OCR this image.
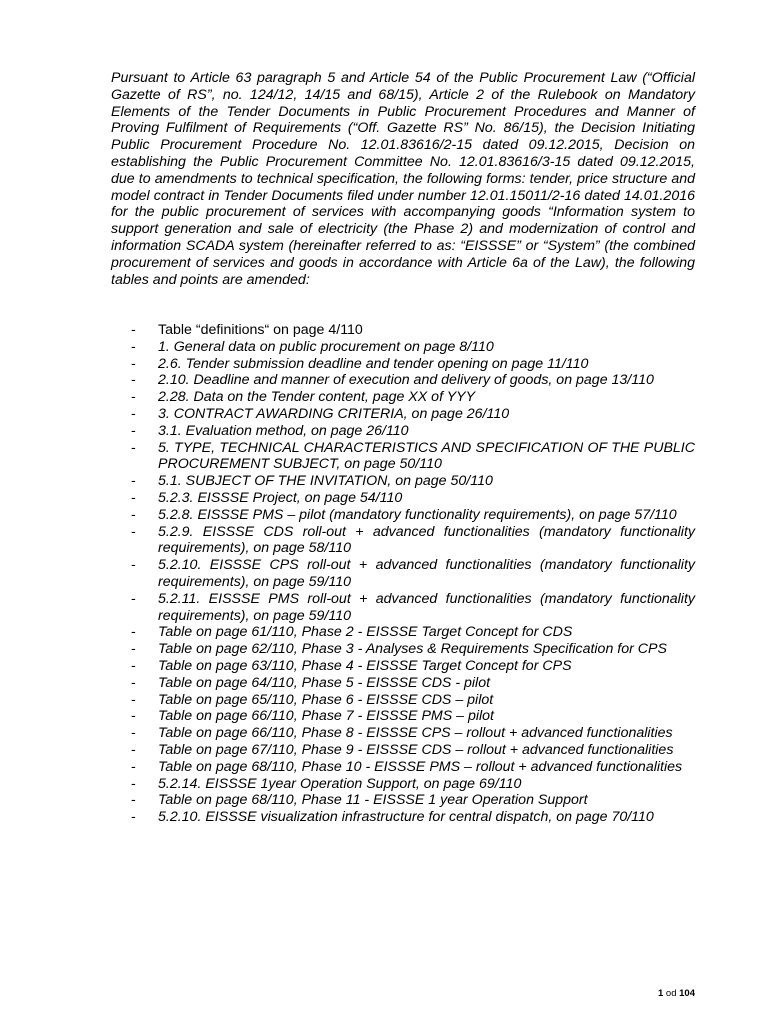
Pursuant to Article 63 paragraph 5 and Article 54 of the Public Procurement Law (“Official Gazette of RS”, no. 124/12, 14/15 and 68/15), Article 2 of the Rulebook on Mandatory Elements of the Tender Documents in Public Procurement Procedures and Manner of Proving Fulfilment of Requirements (“Off. Gazette RS” No. 86/15), the Decision Initiating Public Procurement Procedure No. 12.01.83616/2-15 dated 09.12.2015, Decision on establishing the Public Procurement Committee No. 12.01.83616/3-15 dated 09.12.2015, due to amendments to technical specification, the following forms: tender, price structure and model contract in Tender Documents filed under number 12.01.15011/2-16 dated 14.01.2016 for the public procurement of services with accompanying goods “Information system to support generation and sale of electricity (the Phase 2) and modernization of control and information SCADA system (hereinafter referred to as: “EISSSE” or “System” (the combined procurement of services and goods in accordance with Article 6a of the Law), the following tables and points are amended:

- Table “definitions“ on page 4/110
- 1. General data on public procurement on page 8/110
- 2.6. Tender submission deadline and tender opening on page 11/110
- 2.10. Deadline and manner of execution and delivery of goods, on page 13/110
- 2.28. Data on the Tender content, page XX of YYY
- 3. CONTRACT AWARDING CRITERIA, on page 26/110
- 3.1. Evaluation method, on page 26/110
- 5. TYPE, TECHNICAL CHARACTERISTICS AND SPECIFICATION OF THE PUBLIC PROCUREMENT SUBJECT, on page 50/110
- 5.1. SUBJECT OF THE INVITATION, on page 50/110
- 5.2.3. EISSSE Project, on page 54/110
- 5.2.8. EISSSE PMS – pilot (mandatory functionality requirements), on page 57/110
- 5.2.9. EISSSE CDS roll-out + advanced functionalities (mandatory functionality requirements), on page 58/110
- 5.2.10. EISSSE CPS roll-out + advanced functionalities (mandatory functionality requirements), on page 59/110
- 5.2.11. EISSSE PMS roll-out + advanced functionalities (mandatory functionality requirements), on page 59/110
- Table on page 61/110, Phase 2 - EISSSE Target Concept for CDS
- Table on page 62/110, Phase 3 - Analyses & Requirements Specification for CPS
- Table on page 63/110, Phase 4 - EISSSE Target Concept for CPS
- Table on page 64/110, Phase 5 - EISSSE CDS - pilot
- Table on page 65/110, Phase 6 - EISSSE CDS – pilot
- Table on page 66/110, Phase 7 - EISSSE PMS – pilot
- Table on page 66/110, Phase 8 - EISSSE CPS – rollout + advanced functionalities
- Table on page 67/110, Phase 9 - EISSSE CDS – rollout + advanced functionalities
- Table on page 68/110, Phase 10 - EISSSE PMS – rollout + advanced functionalities
- 5.2.14. EISSSE 1year Operation Support, on page 69/110
- Table on page 68/110, Phase 11 - EISSSE 1 year Operation Support
- 5.2.10. EISSSE visualization infrastructure for central dispatch, on page 70/110
1 od 104
